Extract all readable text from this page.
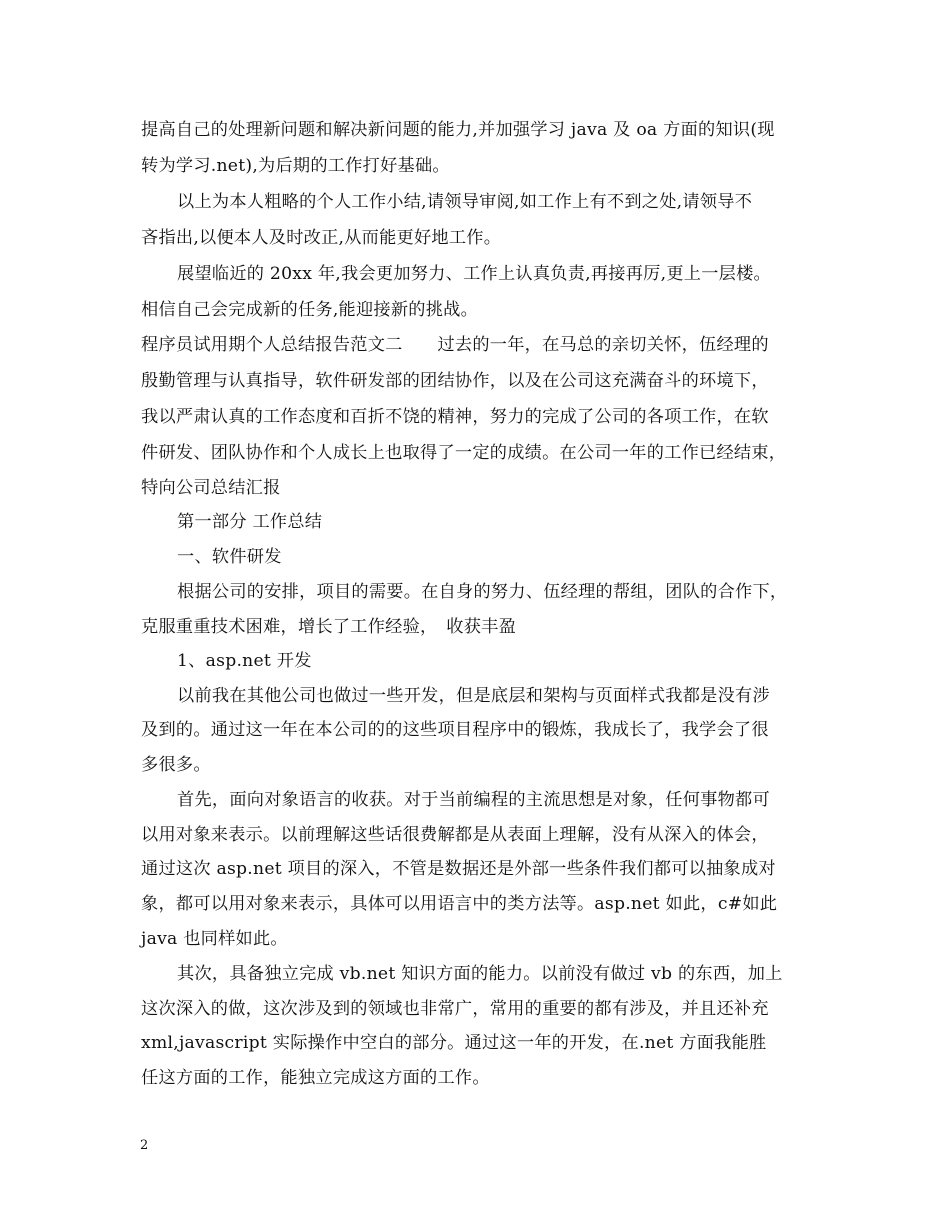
提高自己的处理新问题和解决新问题的能力,并加强学习 java 及 oa 方面的知识(现
转为学习.net),为后期的工作打好基础。
以上为本人粗略的个人工作小结,请领导审阅,如工作上有不到之处,请领导不
吝指出,以便本人及时改正,从而能更好地工作。
展望临近的 20xx 年,我会更加努力、工作上认真负责,再接再厉,更上一层楼。
相信自己会完成新的任务,能迎接新的挑战。
程序员试用期个人总结报告范文二　　过去的一年，在马总的亲切关怀，伍经理的
殷勤管理与认真指导，软件研发部的团结协作，以及在公司这充满奋斗的环境下，
我以严肃认真的工作态度和百折不饶的精神，努力的完成了公司的各项工作，在软
件研发、团队协作和个人成长上也取得了一定的成绩。在公司一年的工作已经结束，
特向公司总结汇报
第一部分 工作总结
一、软件研发
根据公司的安排，项目的需要。在自身的努力、伍经理的帮组，团队的合作下，
克服重重技术困难，增长了工作经验，　收获丰盈
1、asp.net 开发
以前我在其他公司也做过一些开发，但是底层和架构与页面样式我都是没有涉
及到的。通过这一年在本公司的的这些项目程序中的锻炼，我成长了，我学会了很
多很多。
首先，面向对象语言的收获。对于当前编程的主流思想是对象，任何事物都可
以用对象来表示。以前理解这些话很费解都是从表面上理解，没有从深入的体会，
通过这次 asp.net 项目的深入，不管是数据还是外部一些条件我们都可以抽象成对
象，都可以用对象来表示，具体可以用语言中的类方法等。asp.net 如此，c#如此
java 也同样如此。
其次，具备独立完成 vb.net 知识方面的能力。以前没有做过 vb 的东西，加上
这次深入的做，这次涉及到的领域也非常广，常用的重要的都有涉及，并且还补充
xml,javascript 实际操作中空白的部分。通过这一年的开发，在.net 方面我能胜
任这方面的工作，能独立完成这方面的工作。
2
